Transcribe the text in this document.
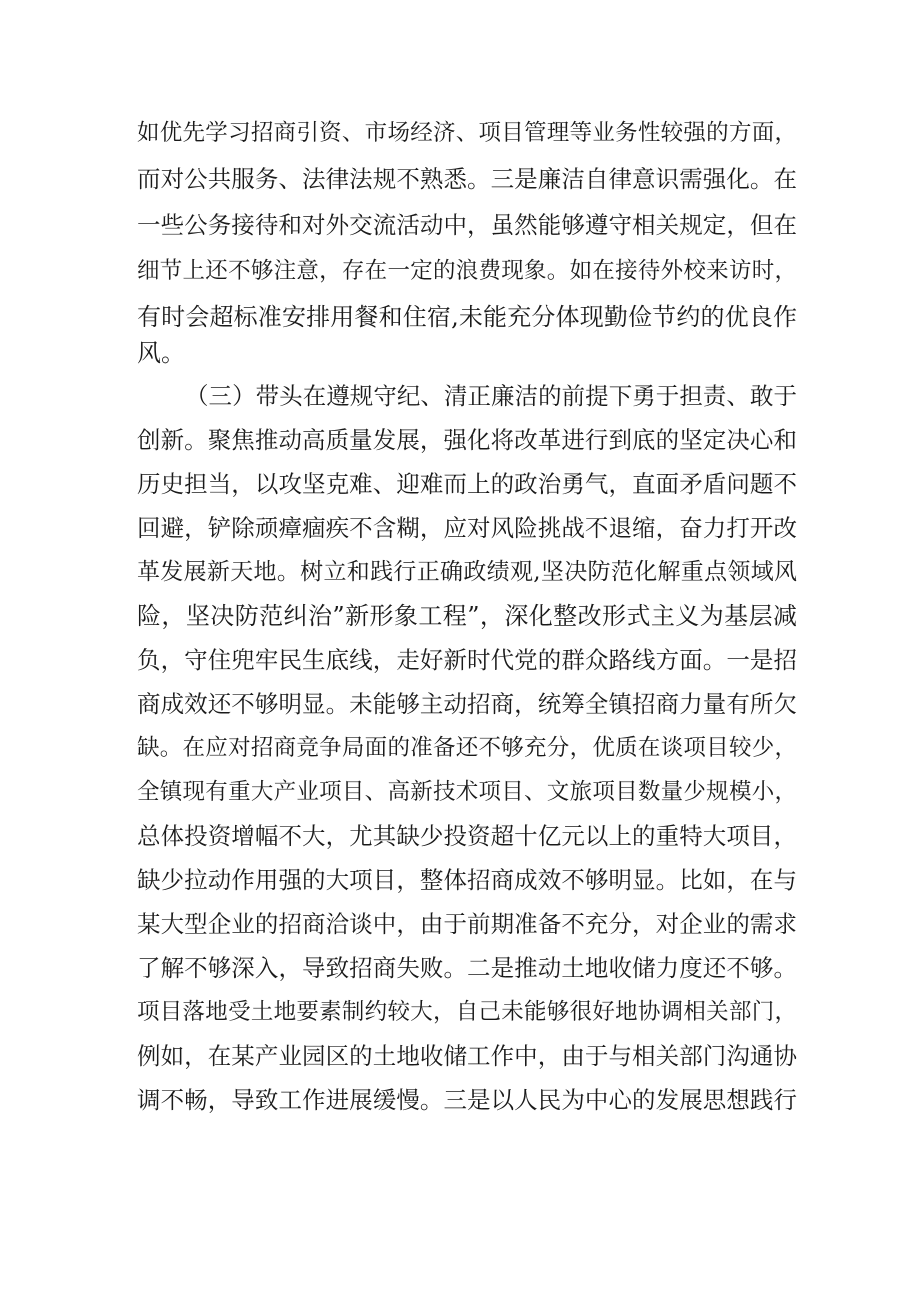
如优先学习招商引资、市场经济、项目管理等业务性较强的方面，
而对公共服务、法律法规不熟悉。三是廉洁自律意识需强化。在
一些公务接待和对外交流活动中，虽然能够遵守相关规定，但在
细节上还不够注意，存在一定的浪费现象。如在接待外校来访时，
有时会超标准安排用餐和住宿,未能充分体现勤俭节约的优良作
风。
（三）带头在遵规守纪、清正廉洁的前提下勇于担责、敢于
创新。聚焦推动高质量发展，强化将改革进行到底的坚定决心和
历史担当，以攻坚克难、迎难而上的政治勇气，直面矛盾问题不
回避，铲除顽瘴痼疾不含糊，应对风险挑战不退缩，奋力打开改
革发展新天地。树立和践行正确政绩观,坚决防范化解重点领域风
险，坚决防范纠治”新形象工程”，深化整改形式主义为基层减
负，守住兜牢民生底线，走好新时代党的群众路线方面。一是招
商成效还不够明显。未能够主动招商，统筹全镇招商力量有所欠
缺。在应对招商竞争局面的准备还不够充分，优质在谈项目较少，
全镇现有重大产业项目、高新技术项目、文旅项目数量少规模小，
总体投资增幅不大，尤其缺少投资超十亿元以上的重特大项目，
缺少拉动作用强的大项目，整体招商成效不够明显。比如，在与
某大型企业的招商洽谈中，由于前期准备不充分，对企业的需求
了解不够深入，导致招商失败。二是推动土地收储力度还不够。
项目落地受土地要素制约较大，自己未能够很好地协调相关部门，
例如，在某产业园区的土地收储工作中，由于与相关部门沟通协
调不畅，导致工作进展缓慢。三是以人民为中心的发展思想践行
